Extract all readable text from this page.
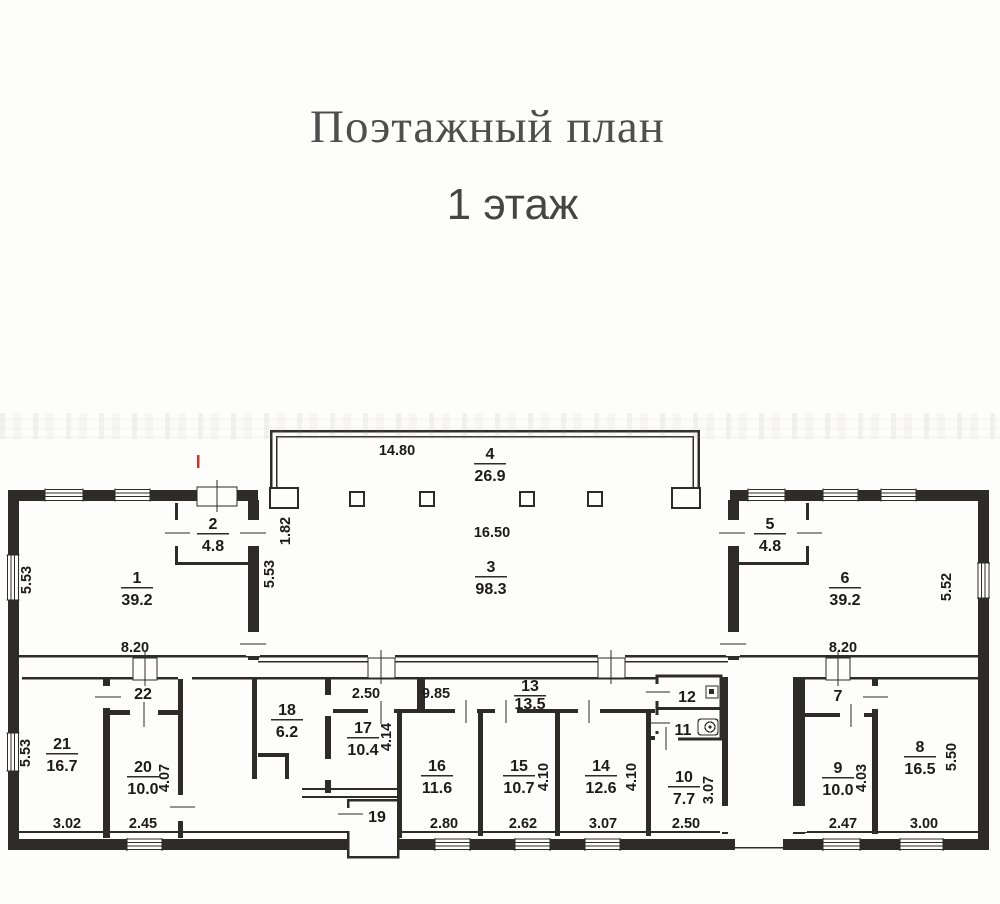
Поэтажный план
1 этаж
1
39.2
2
4.8
3
98.3
4
26.9
5
4.8
6
39.2
7
8
16.5
9
10.0
10
7.7
11
12
13
13.5
14
12.6
15
10.7
16
11.6
17
10.4
18
6.2
19
20
10.0
21
16.7
22
14.80
16.50
8.20	8.20
2.50	9.85
3.02	2.45	2.80	2.62	3.07	2.50	2.47	3.00
5.53
1.82
5.53	5.52
5.53
4.07
4.14
4.10	4.10	3.07	4.03
5.50
